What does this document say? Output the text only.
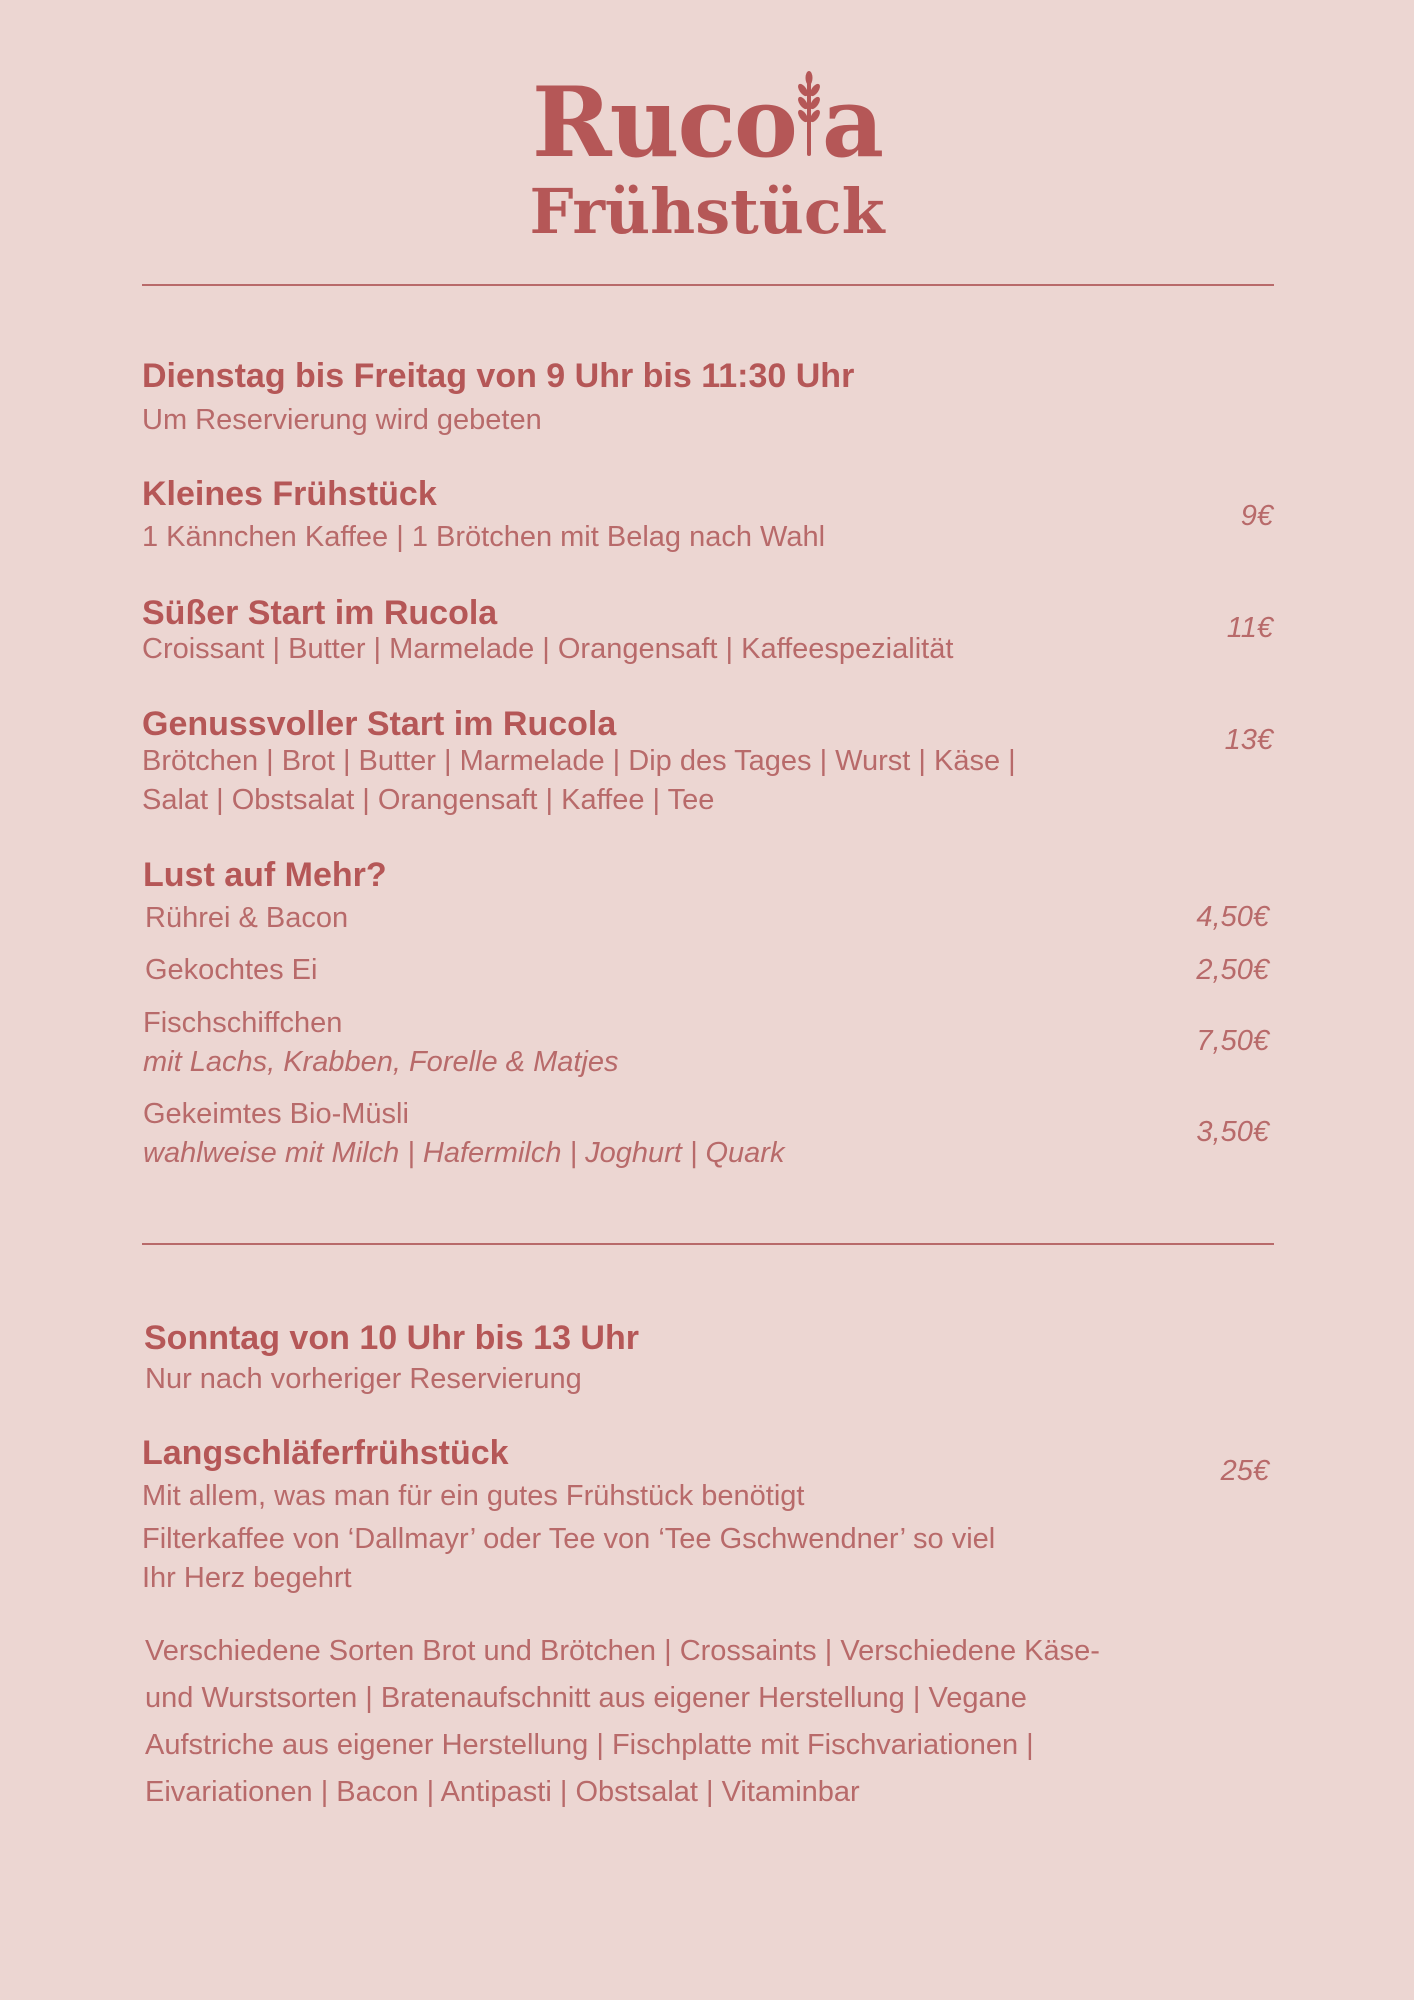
Ruco a
Frühstück
Dienstag bis Freitag von 9 Uhr bis 11:30 Uhr
Um Reservierung wird gebeten
Kleines Frühstück
1 Kännchen Kaffee | 1 Brötchen mit Belag nach Wahl
9€
Süßer Start im Rucola
Croissant | Butter | Marmelade | Orangensaft | Kaffeespezialität
11€
Genussvoller Start im Rucola
Brötchen | Brot | Butter | Marmelade | Dip des Tages | Wurst | Käse |
Salat | Obstsalat | Orangensaft | Kaffee | Tee
13€
Lust auf Mehr?
Rührei & Bacon	4,50€
Gekochtes Ei	2,50€
Fischschiffchen
mit Lachs, Krabben, Forelle & Matjes
7,50€
Gekeimtes Bio-Müsli
wahlweise mit Milch | Hafermilch | Joghurt | Quark
3,50€
Sonntag von 10 Uhr bis 13 Uhr
Nur nach vorheriger Reservierung
Langschläferfrühstück
Mit allem, was man für ein gutes Frühstück benötigt
Filterkaffee von ‘Dallmayr’ oder Tee von ‘Tee Gschwendner’ so viel
Ihr Herz begehrt
25€
Verschiedene Sorten Brot und Brötchen | Crossaints | Verschiedene Käse- und Wurstsorten | Bratenaufschnitt aus eigener Herstellung | Vegane Aufstriche aus eigener Herstellung | Fischplatte mit Fischvariationen | Eivariationen | Bacon | Antipasti | Obstsalat | Vitaminbar
